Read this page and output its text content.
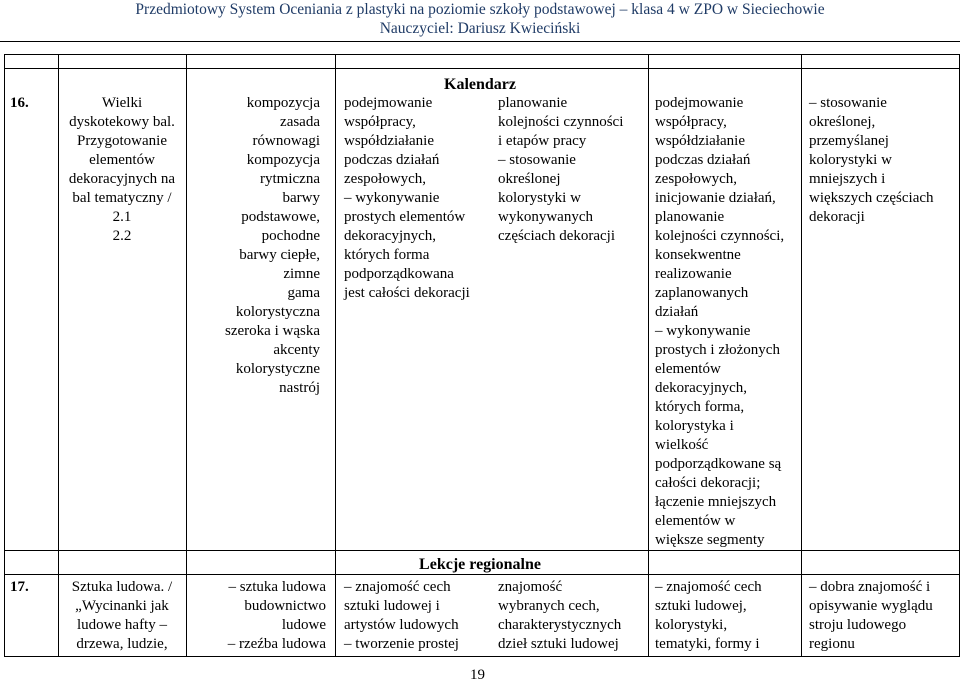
Przedmiotowy System Oceniania z plastyki na poziomie szkoły podstawowej – klasa 4 w ZPO w Sieciechowie
Nauczyciel: Dariusz Kwieciński
Kalendarz
16.	Wielki
dyskotekowy bal.
Przygotowanie
elementów
dekoracyjnych na
bal tematyczny /
2.1
2.2
kompozycja
zasada
równowagi
kompozycja
rytmiczna
barwy
podstawowe,
pochodne
barwy ciepłe,
zimne
gama
kolorystyczna
szeroka i wąska
akcenty
kolorystyczne
nastrój
podejmowanie
współpracy,
współdziałanie
podczas działań
zespołowych,
– wykonywanie
prostych elementów
dekoracyjnych,
których forma
podporządkowana
jest całości dekoracji
planowanie
kolejności czynności
i etapów pracy
– stosowanie
określonej
kolorystyki w
wykonywanych
częściach dekoracji
podejmowanie
współpracy,
współdziałanie
podczas działań
zespołowych,
inicjowanie działań,
planowanie
kolejności czynności,
konsekwentne
realizowanie
zaplanowanych
działań
– wykonywanie
prostych i złożonych
elementów
dekoracyjnych,
których forma,
kolorystyka i
wielkość
podporządkowane są
całości dekoracji;
łączenie mniejszych
elementów w
większe segmenty
– stosowanie
określonej,
przemyślanej
kolorystyki w
mniejszych i
większych częściach
dekoracji
Lekcje regionalne
17.	Sztuka ludowa. /
„Wycinanki jak
ludowe hafty –
drzewa, ludzie,
– sztuka ludowa
budownictwo
ludowe
– rzeźba ludowa
– znajomość cech
sztuki ludowej i
artystów ludowych
– tworzenie prostej
znajomość
wybranych cech,
charakterystycznych
dzieł sztuki ludowej
– znajomość cech
sztuki ludowej,
kolorystyki,
tematyki, formy i
– dobra znajomość i
opisywanie wyglądu
stroju ludowego
regionu
19
